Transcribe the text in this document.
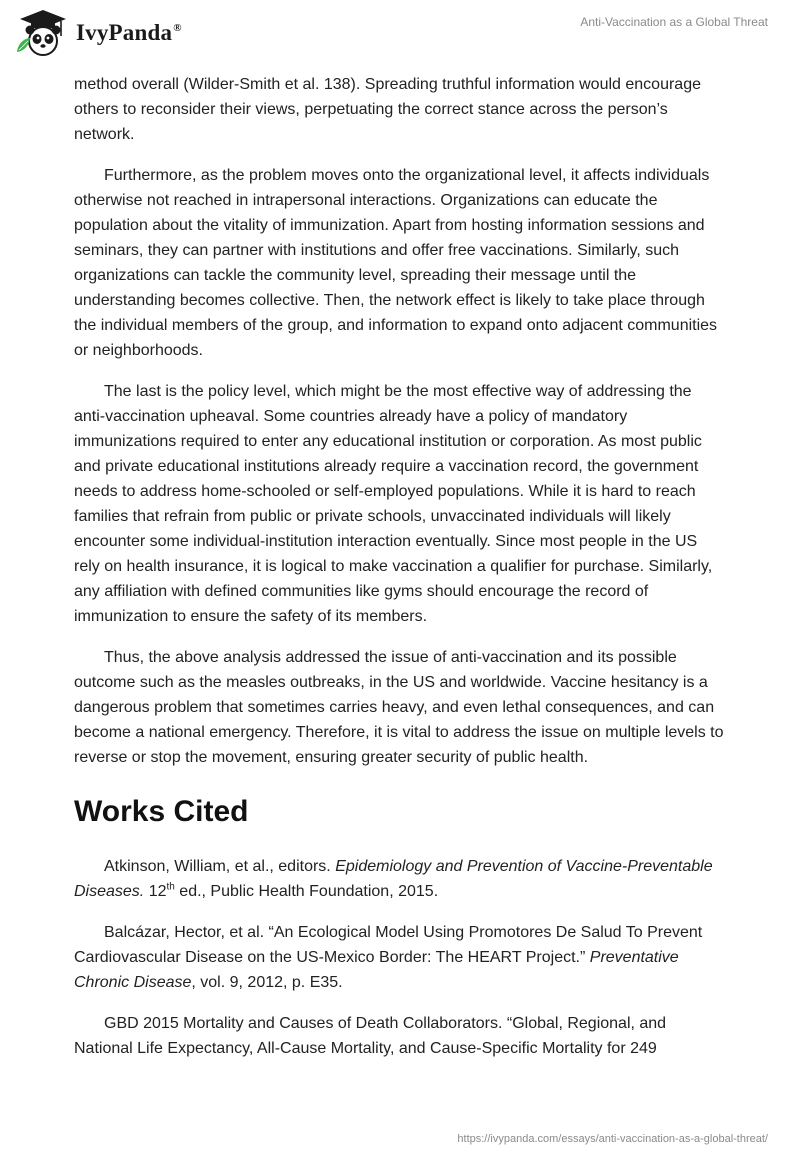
IvyPanda®	Anti-Vaccination as a Global Threat

method overall (Wilder-Smith et al. 138). Spreading truthful information would encourage others to reconsider their views, perpetuating the correct stance across the person’s network.

Furthermore, as the problem moves onto the organizational level, it affects individuals otherwise not reached in intrapersonal interactions. Organizations can educate the population about the vitality of immunization. Apart from hosting information sessions and seminars, they can partner with institutions and offer free vaccinations. Similarly, such organizations can tackle the community level, spreading their message until the understanding becomes collective. Then, the network effect is likely to take place through the individual members of the group, and information to expand onto adjacent communities or neighborhoods.

The last is the policy level, which might be the most effective way of addressing the anti-vaccination upheaval. Some countries already have a policy of mandatory immunizations required to enter any educational institution or corporation. As most public and private educational institutions already require a vaccination record, the government needs to address home-schooled or self-employed populations. While it is hard to reach families that refrain from public or private schools, unvaccinated individuals will likely encounter some individual-institution interaction eventually. Since most people in the US rely on health insurance, it is logical to make vaccination a qualifier for purchase. Similarly, any affiliation with defined communities like gyms should encourage the record of immunization to ensure the safety of its members.

Thus, the above analysis addressed the issue of anti-vaccination and its possible outcome such as the measles outbreaks, in the US and worldwide. Vaccine hesitancy is a dangerous problem that sometimes carries heavy, and even lethal consequences, and can become a national emergency. Therefore, it is vital to address the issue on multiple levels to reverse or stop the movement, ensuring greater security of public health.

Works Cited

Atkinson, William, et al., editors. Epidemiology and Prevention of Vaccine-Preventable Diseases. 12th ed., Public Health Foundation, 2015.

Balcázar, Hector, et al. “An Ecological Model Using Promotores De Salud To Prevent Cardiovascular Disease on the US-Mexico Border: The HEART Project.” Preventative Chronic Disease, vol. 9, 2012, p. E35.

GBD 2015 Mortality and Causes of Death Collaborators. “Global, Regional, and National Life Expectancy, All-Cause Mortality, and Cause-Specific Mortality for 249

https://ivypanda.com/essays/anti-vaccination-as-a-global-threat/
